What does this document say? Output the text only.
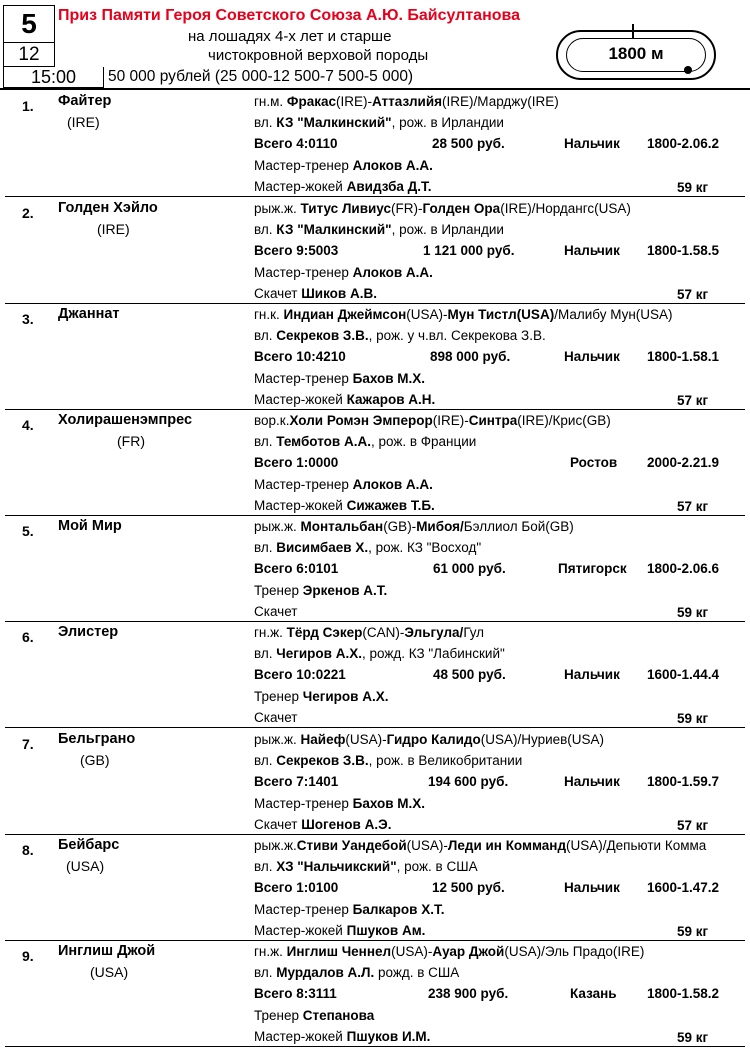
5
12
15:00
Приз Памяти Героя Советского Союза А.Ю. Байсултанова
на лошадях 4-х лет и старше
чистокровной верховой породы
50 000 рублей (25 000-12 500-7 500-5 000)
1800 м
1. Файтер
(IRE)
гн.м. Фракас(IRE)-Аттазлийя(IRE)/Марджу(IRE)
вл. КЗ "Малкинский", рож. в Ирландии
Всего 4:0110	28 500 руб.	Нальчик 1800-2.06.2
Мастер-тренер Алоков А.А.
Мастер-жокей Авидзба Д.Т.	59 кг
2. Голден Хэйло
(IRE)
рыж.ж. Титус Ливиус(FR)-Голден Ора(IRE)/Нордангс(USA)
вл. КЗ "Малкинский", рож. в Ирландии
Всего 9:5003	1 121 000 руб.	Нальчик 1800-1.58.5
Мастер-тренер Алоков А.А.
Скачет Шиков А.В.	57 кг
3. Джаннат	гн.к. Индиан Джеймсон(USA)-Мун Тистл(USA)/Малибу Мун(USA)
вл. Секреков З.В., рож. у ч.вл. Секрекова З.В.
Всего 10:4210	898 000 руб.	Нальчик 1800-1.58.1
Мастер-тренер Бахов М.Х.
Мастер-жокей Кажаров А.Н.	57 кг
4. Холирашенэмпрес
(FR)
вор.к.Холи Ромэн Эмперор(IRE)-Синтра(IRE)/Крис(GB)
вл. Темботов А.А., рож. в Франции
Всего 1:0000	Ростов 2000-2.21.9
Мастер-тренер Алоков А.А.
Мастер-жокей Сижажев Т.Б.	57 кг
5. Мой Мир	рыж.ж. Монтальбан(GB)-Мибоя/Бэллиол Бой(GB)
вл. Висимбаев Х., рож. КЗ "Восход"
Всего 6:0101	61 000 руб.	Пятигорск 1800-2.06.6
Тренер Эркенов А.Т.
Скачет	59 кг
6. Элистер	гн.ж. Тёрд Сэкер(CAN)-Эльгула/Гул
вл. Чегиров А.Х., рожд. КЗ "Лабинский"
Всего 10:0221	48 500 руб.	Нальчик 1600-1.44.4
Тренер Чегиров А.Х.
Скачет	59 кг
7. Бельграно
(GB)
рыж.ж. Найеф(USA)-Гидро Калидо(USA)/Нуриев(USA)
вл. Секреков З.В., рож. в Великобритании
Всего 7:1401	194 600 руб.	Нальчик 1800-1.59.7
Мастер-тренер Бахов М.Х.
Скачет Шогенов А.Э.	57 кг
8. Бейбарс
(USA)
рыж.ж.Стиви Уандебой(USA)-Леди ин Комманд(USA)/Депьюти Комма
вл. ХЗ "Нальчикский", рож. в США
Всего 1:0100	12 500 руб.	Нальчик 1600-1.47.2
Мастер-тренер Балкаров Х.Т.
Мастер-жокей Пшуков Ам.	59 кг
9. Инглиш Джой
(USA)
гн.ж. Инглиш Ченнел(USA)-Ауар Джой(USA)/Эль Прадо(IRE)
вл. Мурдалов А.Л. рожд. в США
Всего 8:3111	238 900 руб.	Казань 1800-1.58.2
Тренер Степанова
Мастер-жокей Пшуков И.М.	59 кг
